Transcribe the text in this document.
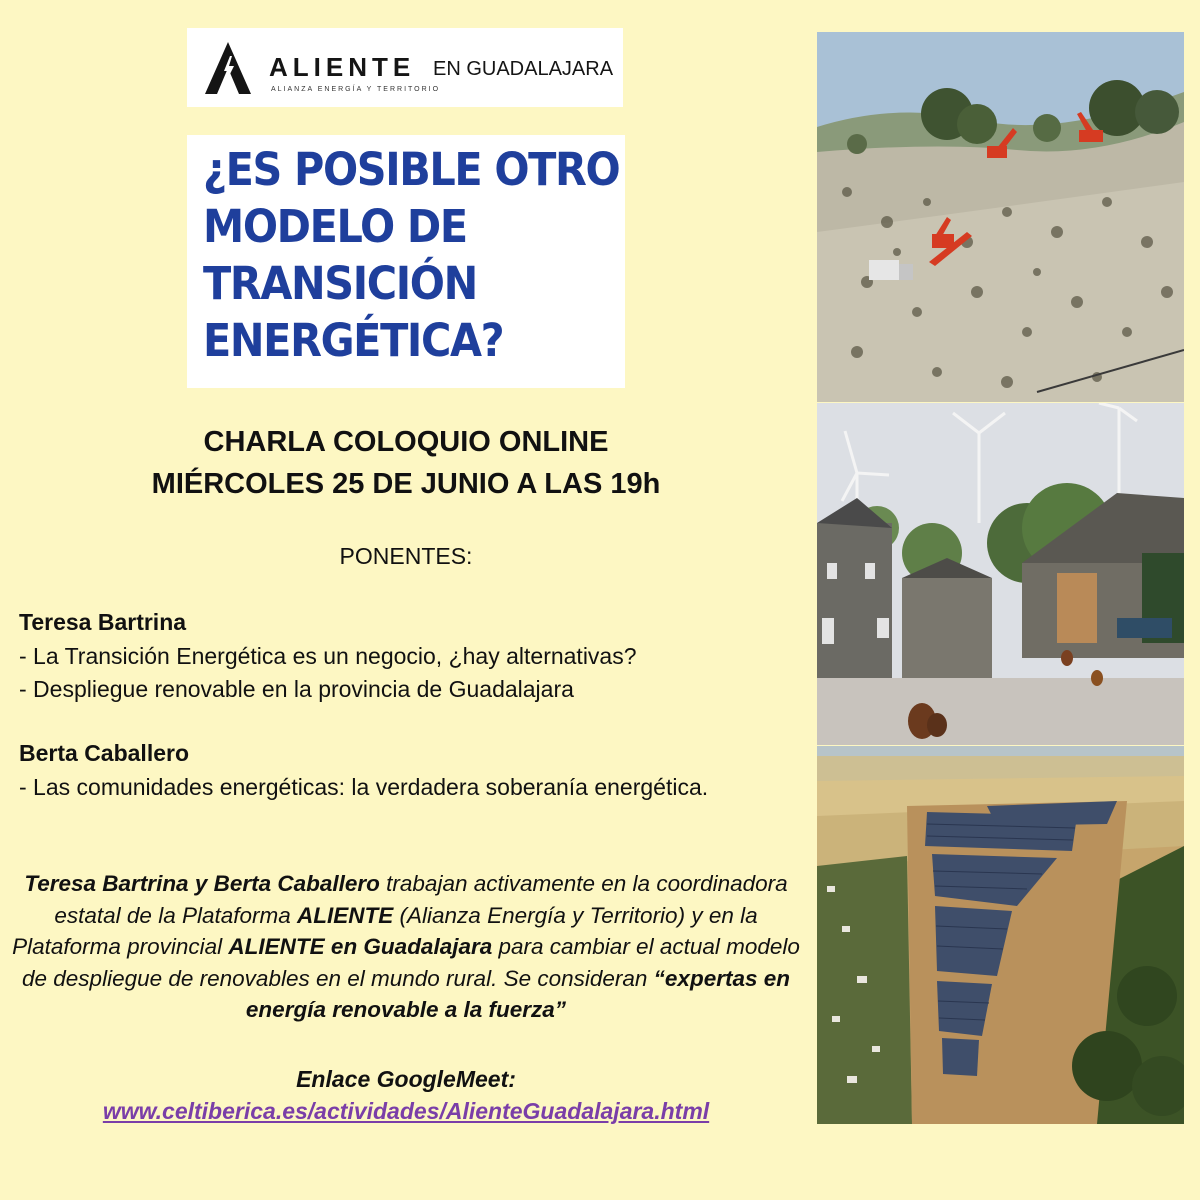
ALIENTE EN GUADALAJARA
ALIANZA ENERGÍA Y TERRITORIO
¿ES POSIBLE OTRO
MODELO DE
TRANSICIÓN
ENERGÉTICA?

CHARLA COLOQUIO ONLINE

MIÉRCOLES 25 DE JUNIO A LAS 19h

PONENTES:

Teresa Bartrina

- La Transición Energética es un negocio, ¿hay alternativas?

- Despliegue renovable en la provincia de Guadalajara

Berta Caballero

- Las comunidades energéticas: la verdadera soberanía energética.

Teresa Bartrina y Berta Caballero trabajan activamente en la coordinadora estatal de la Plataforma ALIENTE (Alianza Energía y Territorio) y en la Plataforma provincial ALIENTE en Guadalajara para cambiar el actual modelo de despliegue de renovables en el mundo rural. Se consideran “expertas en energía renovable a la fuerza”

Enlace GoogleMeet:

www.celtiberica.es/actividades/AlienteGuadalajara.html
